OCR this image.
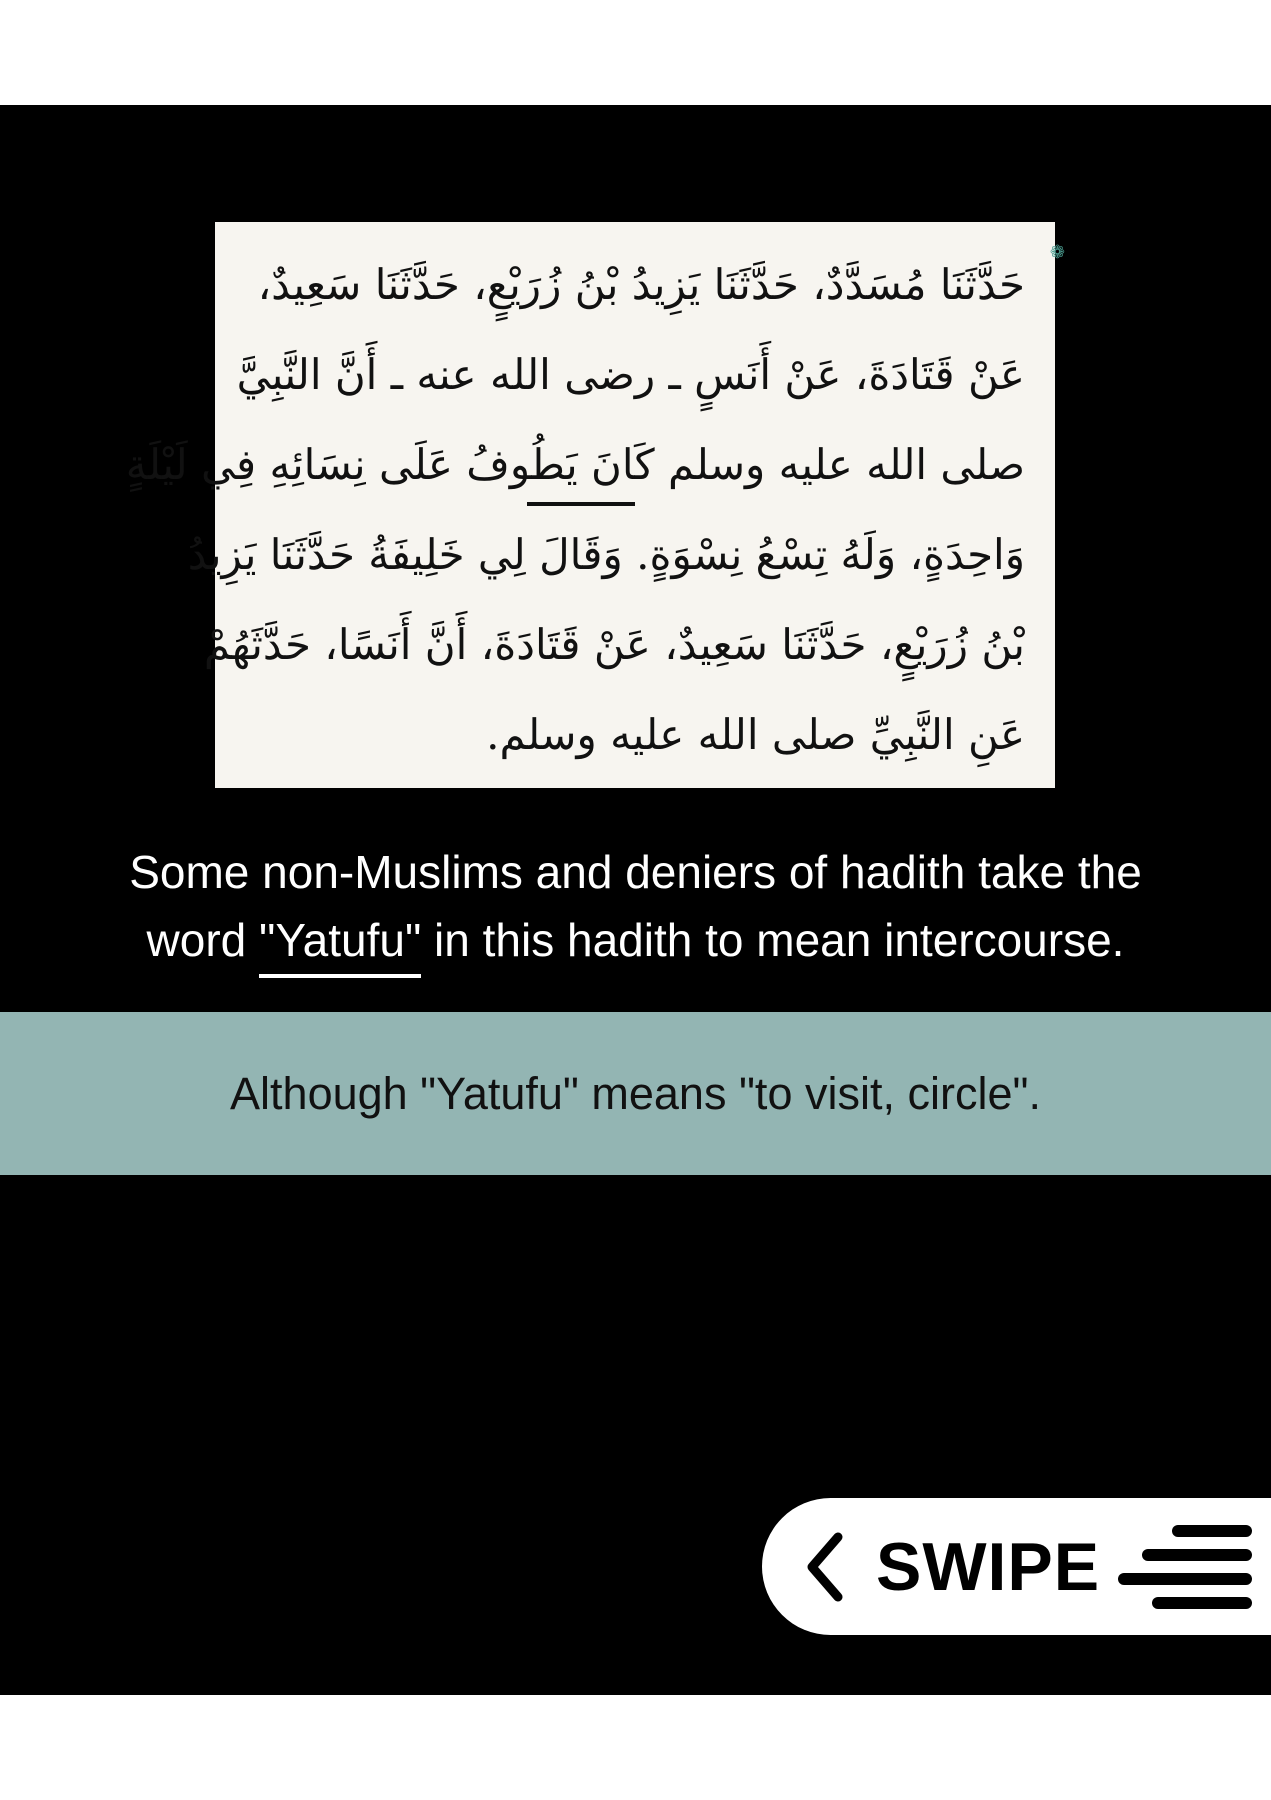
❁
حَدَّثَنَا مُسَدَّدٌ، حَدَّثَنَا يَزِيدُ بْنُ زُرَيْعٍ، حَدَّثَنَا سَعِيدٌ،
عَنْ قَتَادَةَ، عَنْ أَنَسٍ ـ رضى الله عنه ـ أَنَّ النَّبِيَّ
صلى الله عليه وسلم كَانَ يَطُوفُ عَلَى نِسَائِهِ فِي لَيْلَةٍ
وَاحِدَةٍ، وَلَهُ تِسْعُ نِسْوَةٍ. وَقَالَ لِي خَلِيفَةُ حَدَّثَنَا يَزِيدُ
بْنُ زُرَيْعٍ، حَدَّثَنَا سَعِيدٌ، عَنْ قَتَادَةَ، أَنَّ أَنَسًا، حَدَّثَهُمْ
عَنِ النَّبِيِّ صلى الله عليه وسلم.
Some non-Muslims and deniers of hadith take the
word "Yatufu" in this hadith to mean intercourse.
Although "Yatufu" means "to visit, circle".
SWIPE
